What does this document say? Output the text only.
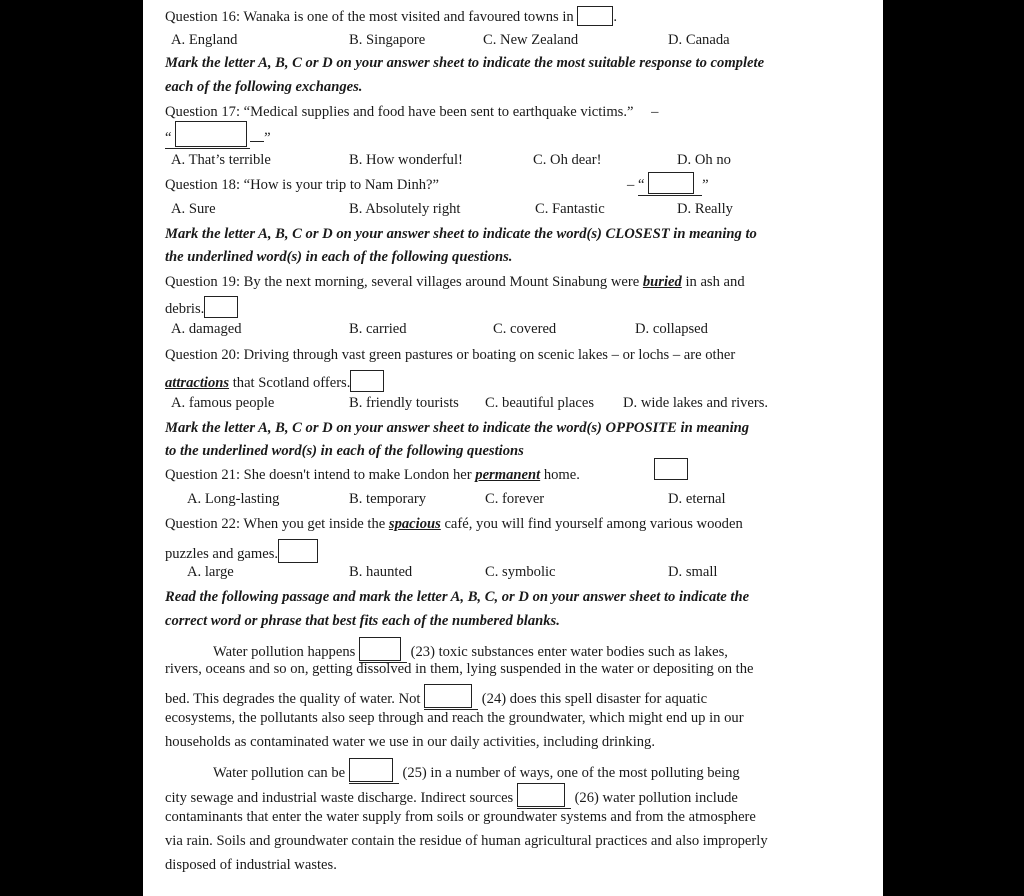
Question 16: Wanaka is one of the most visited and favoured towns in	.
A. England	B. Singapore	C. New Zealand	D. Canada
Mark the letter A, B, C or D on your answer sheet to indicate the most suitable response to complete
each of the following exchanges.
Question 17: “Medical supplies and food have been sent to earthquake victims.” –
“	”
A. That’s terrible	B. How wonderful!	C. Oh dear!	D. Oh no
Question 18: “How is your trip to Nam Dinh?”	– “	”
A. Sure	B. Absolutely right	C. Fantastic	D. Really
Mark the letter A, B, C or D on your answer sheet to indicate the word(s) CLOSEST in meaning to
the underlined word(s) in each of the following questions.
Question 19: By the next morning, several villages around Mount Sinabung were buried in ash and
debris.
A. damaged	B. carried	C. covered	D. collapsed
Question 20: Driving through vast green pastures or boating on scenic lakes – or lochs – are other
attractions that Scotland offers.
A. famous people	B. friendly tourists C. beautiful places D. wide lakes and rivers.
Mark the letter A, B, C or D on your answer sheet to indicate the word(s) OPPOSITE in meaning
to the underlined word(s) in each of the following questions
Question 21: She doesn't intend to make London her permanent home.
A. Long-lasting	B. temporary	C. forever	D. eternal
Question 22: When you get inside the spacious café, you will find yourself among various wooden
puzzles and games.
A. large	B. haunted	C. symbolic	D. small
Read the following passage and mark the letter A, B, C, or D on your answer sheet to indicate the
correct word or phrase that best fits each of the numbered blanks.
Water pollution happens	(23) toxic substances enter water bodies such as lakes,
rivers, oceans and so on, getting dissolved in them, lying suspended in the water or depositing on the
bed. This degrades the quality of water. Not	(24) does this spell disaster for aquatic
ecosystems, the pollutants also seep through and reach the groundwater, which might end up in our
households as contaminated water we use in our daily activities, including drinking.
Water pollution can be	(25) in a number of ways, one of the most polluting being
city sewage and industrial waste discharge. Indirect sources	(26) water pollution include
contaminants that enter the water supply from soils or groundwater systems and from the atmosphere
via rain. Soils and groundwater contain the residue of human agricultural practices and also improperly
disposed of industrial wastes.
